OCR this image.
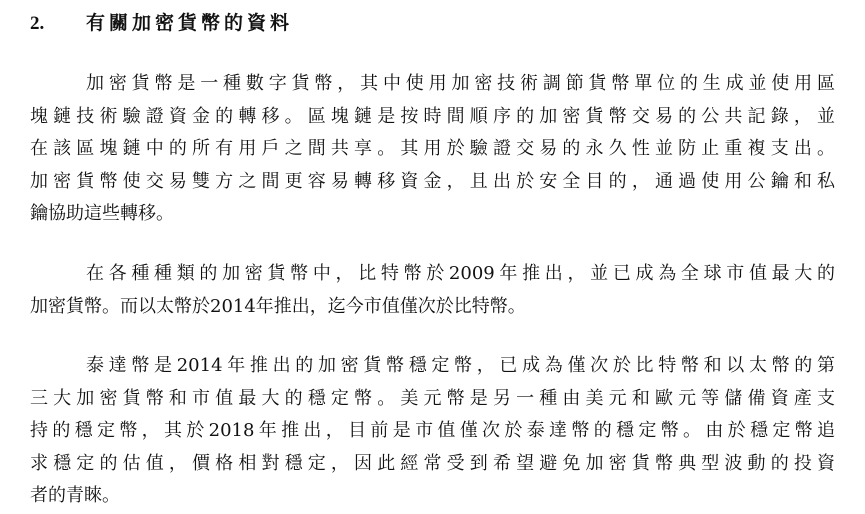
2. 有關加密貨幣的資料
加密貨幣是一種數字貨幣，其中使用加密技術調節貨幣單位的生成並使用區
塊鏈技術驗證資金的轉移。區塊鏈是按時間順序的加密貨幣交易的公共記錄，並
在該區塊鏈中的所有用戶之間共享。其用於驗證交易的永久性並防止重複支出。
加密貨幣使交易雙方之間更容易轉移資金，且出於安全目的，通過使用公鑰和私
鑰協助這些轉移。
在各種種類的加密貨幣中，比特幣於2009年推出，並已成為全球市值最大的
加密貨幣。而以太幣於2014年推出，迄今市值僅次於比特幣。
泰達幣是2014年推出的加密貨幣穩定幣，已成為僅次於比特幣和以太幣的第
三大加密貨幣和市值最大的穩定幣。美元幣是另一種由美元和歐元等儲備資產支
持的穩定幣，其於2018年推出，目前是市值僅次於泰達幣的穩定幣。由於穩定幣追
求穩定的估值，價格相對穩定，因此經常受到希望避免加密貨幣典型波動的投資
者的青睞。
